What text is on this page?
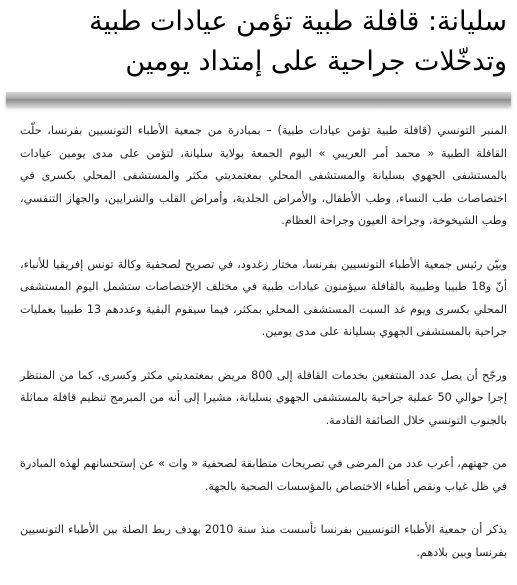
سليانة: قافلة طبية تؤمن عيادات طبية وتدخّلات جراحية على إمتداد يومين

المنبر التونسي (قافلة طبية تؤمن عيادات طبية) – بمبادرة من جمعية الأطباء التونسيين بفرنسا، حلّت القافلة الطبية « محمد أمر العريبي » اليوم الجمعة بولاية سليانة، لتؤمن على مدى يومين عيادات بالمستشفى الجهوي بسليانة والمستشفى المحلي بمعتمديتي مكثر والمستشفى المحلي بكسرى في اختصاصات طب النساء، وطب الأطفال، والأمراض الجلدية، وأمراض القلب والشرايين، والجهاز التنفسي، وطب الشيخوخة، وجراحة العيون وجراحة العظام.

وبيّن رئيس جمعية الأطباء التونسيين بفرنسا، مختار زغدود، في تصريح لصحفية وكالة تونس إفريقيا للأنباء، أنّ و18 طبيبا وطبيبة بالقافلة سيؤمنون عيادات طبية في مختلف الإختصاصات ستشمل اليوم المستشفى المحلي بكسرى ويوم غد السبت المستشفى المحلي بمكثر، فيما سيقوم البقية وعددهم 13 طبيبا بعمليات جراحية بالمستشفى الجهوي بسليانة على مدى يومين.

ورجّح أن يصل عدد المنتفعين بخدمات القافلة إلى 800 مريض بمعتمديتي مكثر وكسرى، كما من المنتظر إجرا حوالي 50 عملية جراحية بالمستشفى الجهوي بسليانة، مشيرا إلى أنه من المبرمج تنظيم قافلة مماثلة بالجنوب التونسي خلال الصائفة القادمة.

من جهتهم، أعرب عدد من المرضى في تصريحات متطابقة لصحفية « وات » عن إستحسانهم لهذه المبادرة في ظل غياب ونقص أطباء الاختصاص بالمؤسسات الصحية بالجهة.

يذكر أن جمعية الأطباء التونسيين بفرنسا تأسست منذ سنة 2010 بهدف ربط الصلة بين الأطباء التونسيين بفرنسا وبين بلادهم.
